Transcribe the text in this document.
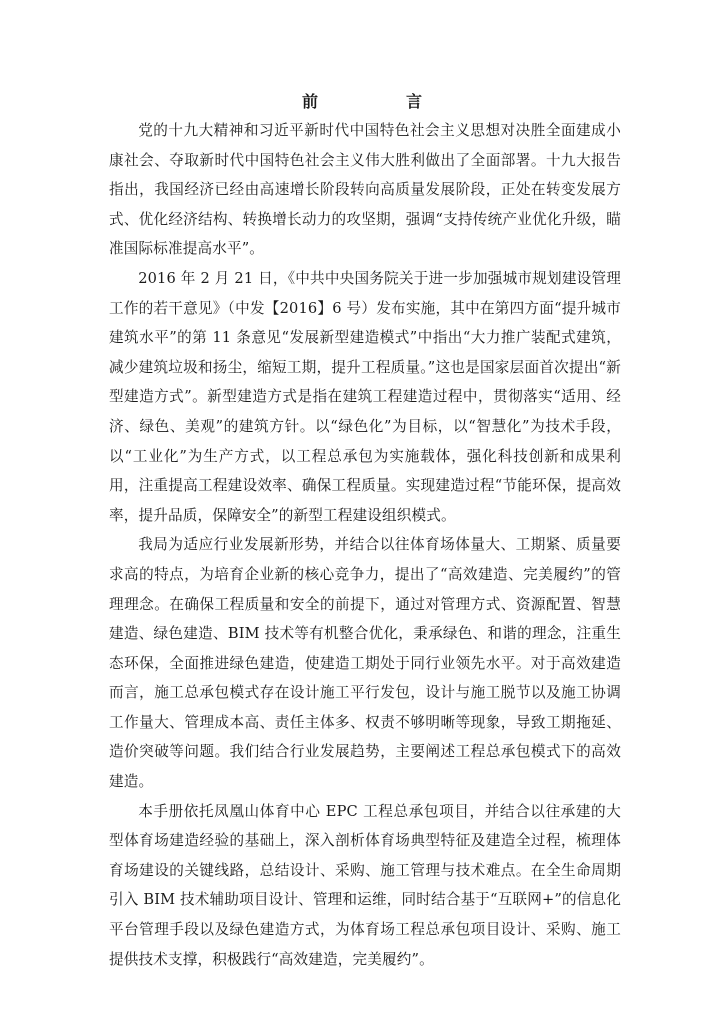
前　言

党的十九大精神和习近平新时代中国特色社会主义思想对决胜全面建成小康社会、夺取新时代中国特色社会主义伟大胜利做出了全面部署。十九大报告指出，我国经济已经由高速增长阶段转向高质量发展阶段，正处在转变发展方式、优化经济结构、转换增长动力的攻坚期，强调“支持传统产业优化升级，瞄准国际标准提高水平”。

2016 年 2 月 21 日，《中共中央国务院关于进一步加强城市规划建设管理工作的若干意见》（中发【2016】6 号）发布实施，其中在第四方面“提升城市建筑水平”的第 11 条意见“发展新型建造模式”中指出“大力推广装配式建筑，减少建筑垃圾和扬尘，缩短工期，提升工程质量。”这也是国家层面首次提出“新型建造方式”。新型建造方式是指在建筑工程建造过程中，贯彻落实“适用、经济、绿色、美观”的建筑方针。以“绿色化”为目标，以“智慧化”为技术手段，以“工业化”为生产方式，以工程总承包为实施载体，强化科技创新和成果利用，注重提高工程建设效率、确保工程质量。实现建造过程“节能环保，提高效率，提升品质，保障安全”的新型工程建设组织模式。

我局为适应行业发展新形势，并结合以往体育场体量大、工期紧、质量要求高的特点，为培育企业新的核心竞争力，提出了“高效建造、完美履约”的管理理念。在确保工程质量和安全的前提下，通过对管理方式、资源配置、智慧建造、绿色建造、BIM 技术等有机整合优化，秉承绿色、和谐的理念，注重生态环保，全面推进绿色建造，使建造工期处于同行业领先水平。对于高效建造而言，施工总承包模式存在设计施工平行发包，设计与施工脱节以及施工协调工作量大、管理成本高、责任主体多、权责不够明晰等现象，导致工期拖延、造价突破等问题。我们结合行业发展趋势，主要阐述工程总承包模式下的高效建造。

本手册依托凤凰山体育中心 EPC 工程总承包项目，并结合以往承建的大型体育场建造经验的基础上，深入剖析体育场典型特征及建造全过程，梳理体育场建设的关键线路，总结设计、采购、施工管理与技术难点。在全生命周期引入 BIM 技术辅助项目设计、管理和运维，同时结合基于“互联网+”的信息化平台管理手段以及绿色建造方式，为体育场工程总承包项目设计、采购、施工提供技术支撑，积极践行“高效建造，完美履约”。
